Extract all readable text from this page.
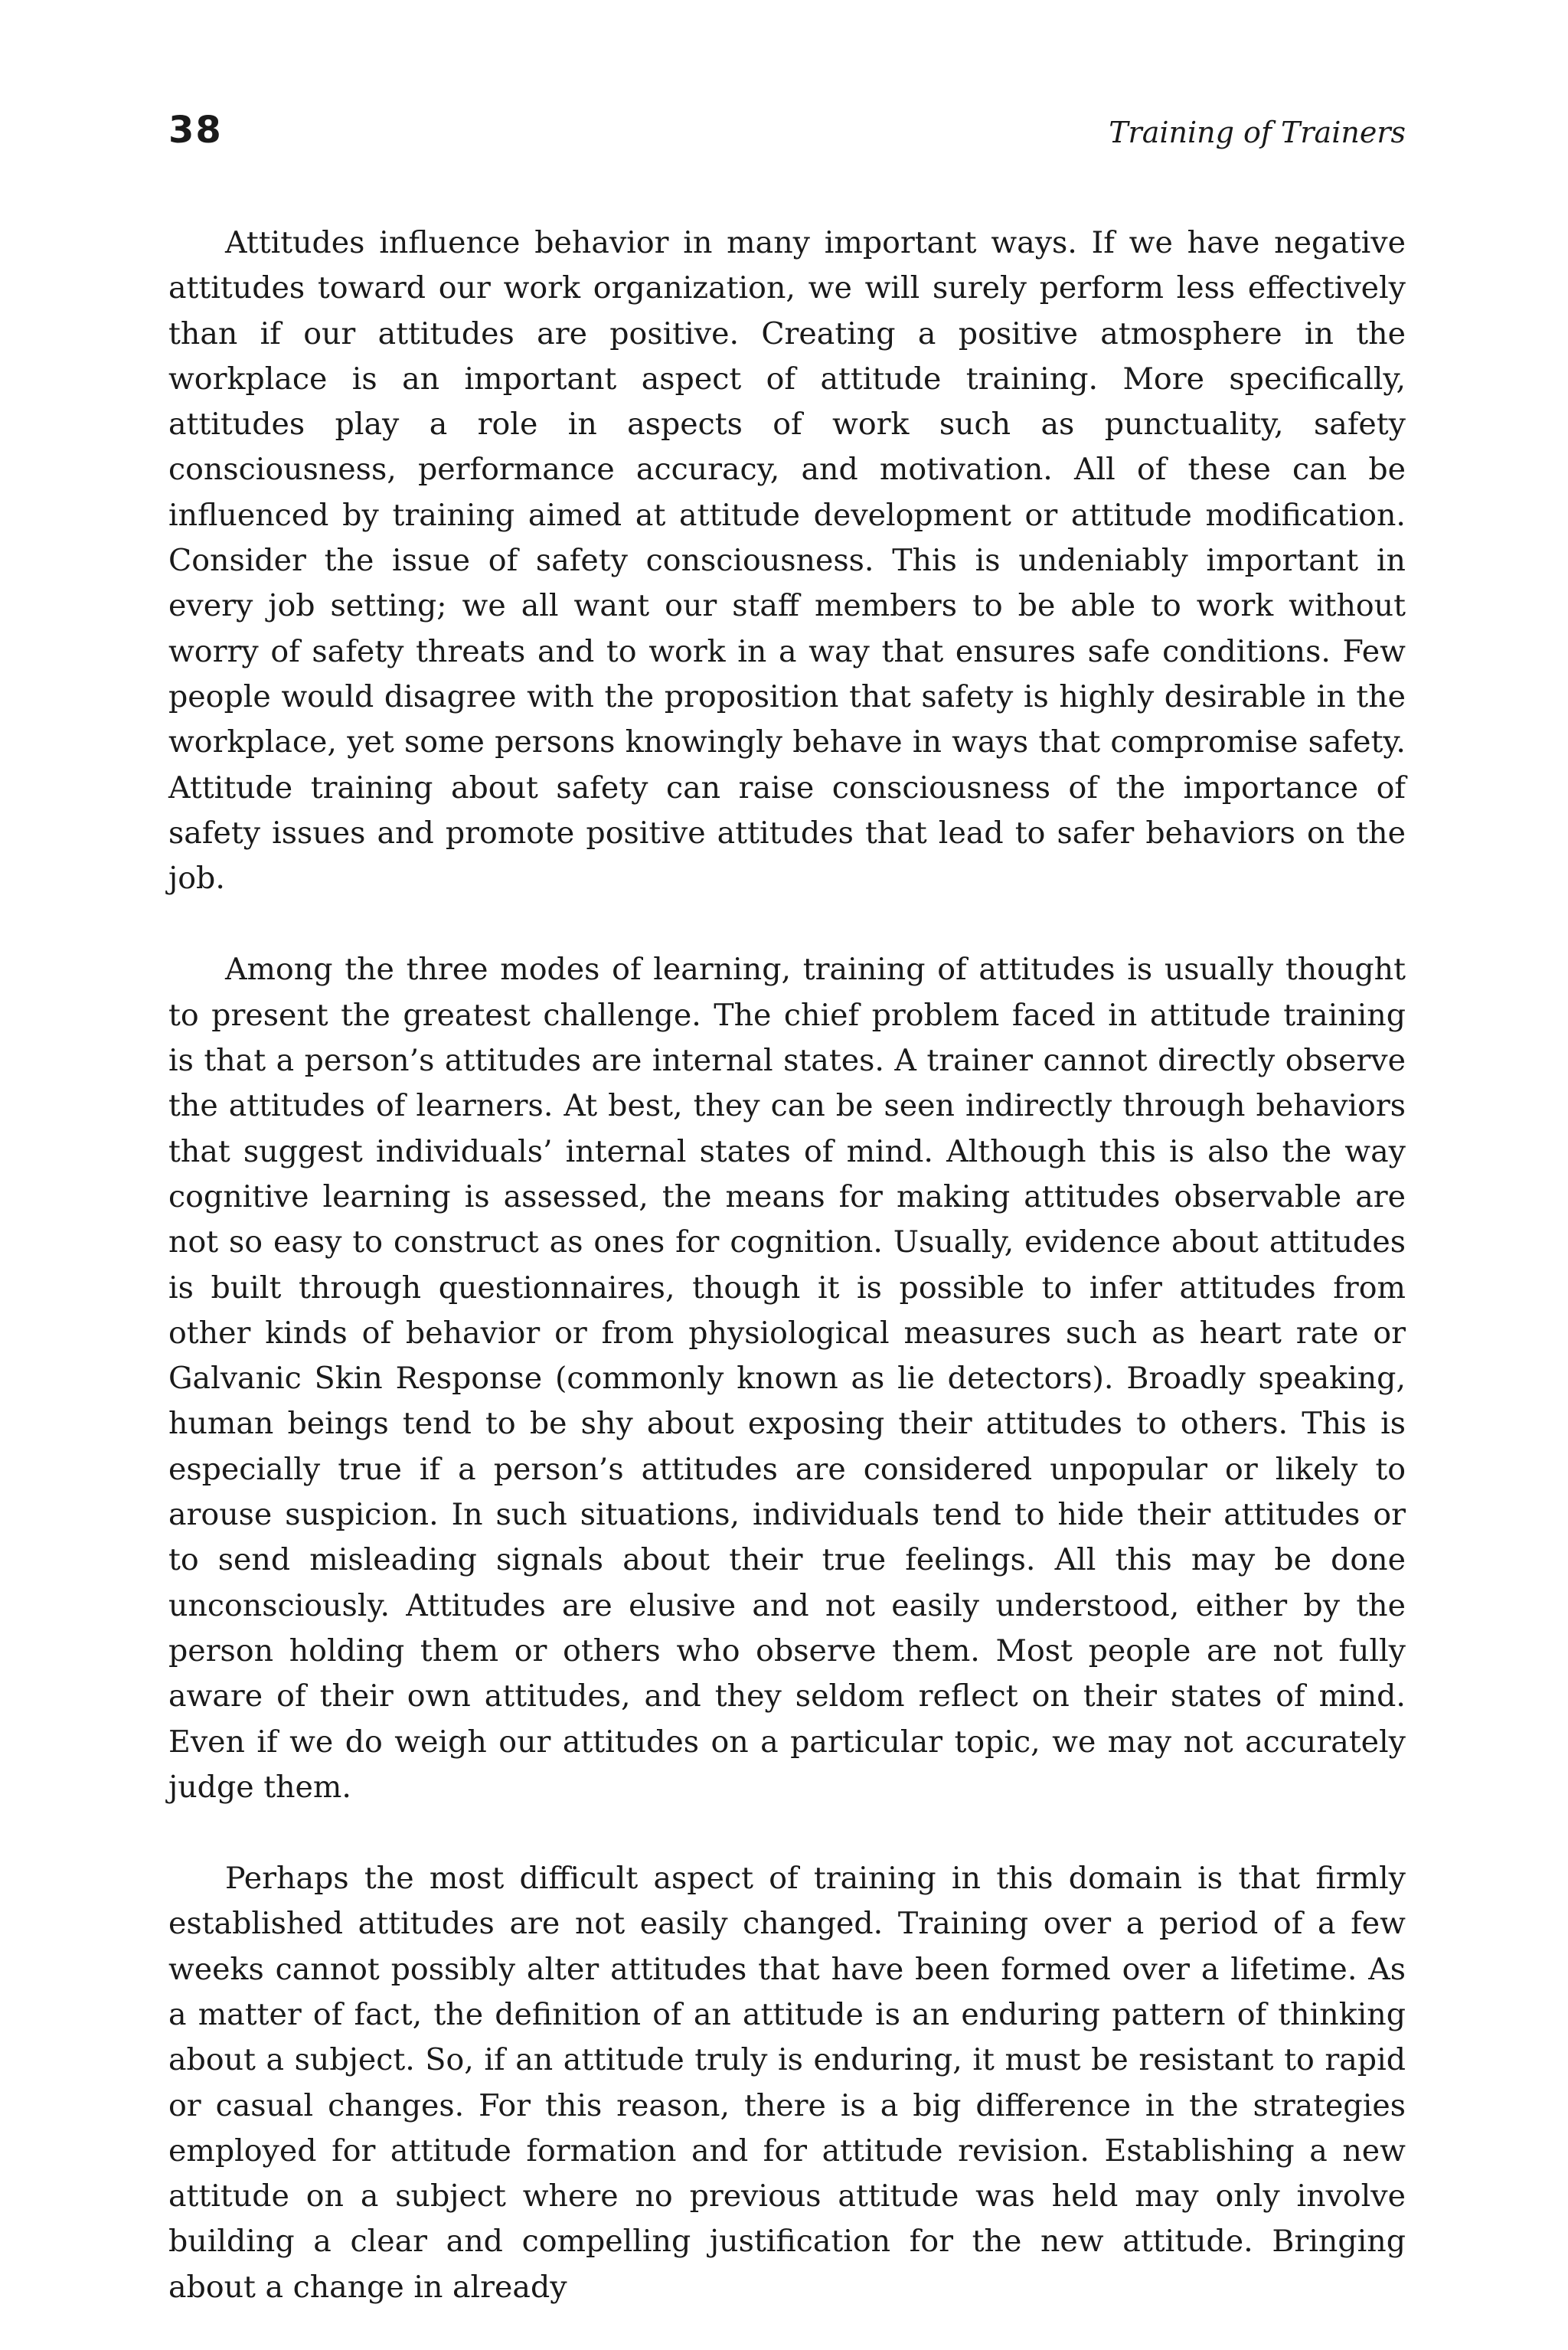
38	Training of Trainers

Attitudes influence behavior in many important ways. If we have negative attitudes toward our work organization, we will surely perform less effectively than if our attitudes are positive. Creating a positive atmosphere in the workplace is an important aspect of attitude training. More specifically, attitudes play a role in aspects of work such as punctuality, safety consciousness, performance accuracy, and motivation. All of these can be influenced by training aimed at attitude development or attitude modification. Consider the issue of safety consciousness. This is undeniably important in every job setting; we all want our staff members to be able to work without worry of safety threats and to work in a way that ensures safe conditions. Few people would disagree with the proposition that safety is highly desirable in the workplace, yet some persons knowingly behave in ways that compromise safety. Attitude training about safety can raise consciousness of the importance of safety issues and promote positive attitudes that lead to safer behaviors on the job.

Among the three modes of learning, training of attitudes is usually thought to present the greatest challenge. The chief problem faced in attitude training is that a person’s attitudes are internal states. A trainer cannot directly observe the attitudes of learners. At best, they can be seen indirectly through behaviors that suggest individuals’ internal states of mind. Although this is also the way cognitive learning is assessed, the means for making attitudes observable are not so easy to construct as ones for cognition. Usually, evidence about attitudes is built through questionnaires, though it is possible to infer attitudes from other kinds of behavior or from physiological measures such as heart rate or Galvanic Skin Response (commonly known as lie detectors). Broadly speaking, human beings tend to be shy about exposing their attitudes to others. This is especially true if a person’s attitudes are considered unpopular or likely to arouse suspicion. In such situations, individuals tend to hide their attitudes or to send misleading signals about their true feelings. All this may be done unconsciously. Attitudes are elusive and not easily understood, either by the person holding them or others who observe them. Most people are not fully aware of their own attitudes, and they seldom reflect on their states of mind. Even if we do weigh our attitudes on a particular topic, we may not accurately judge them.

Perhaps the most difficult aspect of training in this domain is that firmly established attitudes are not easily changed. Training over a period of a few weeks cannot possibly alter attitudes that have been formed over a lifetime. As a matter of fact, the definition of an attitude is an enduring pattern of thinking about a subject. So, if an attitude truly is enduring, it must be resistant to rapid or casual changes. For this reason, there is a big difference in the strategies employed for attitude formation and for attitude revision. Establishing a new attitude on a subject where no previous attitude was held may only involve building a clear and compelling justification for the new attitude. Bringing about a change in already
